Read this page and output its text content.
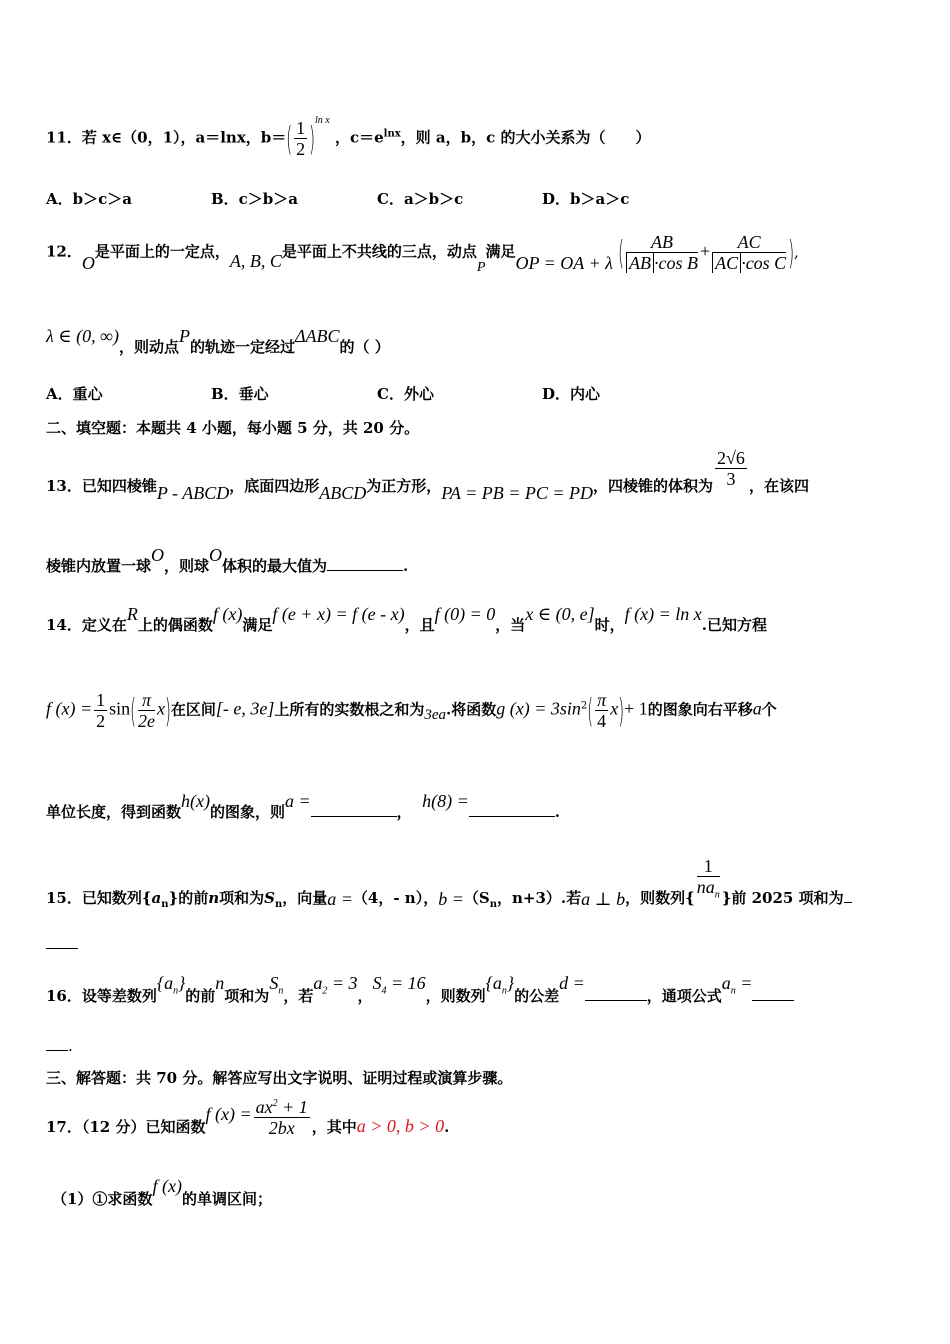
11．若 x∈（0，1），a＝lnx，$b=( \frac{1}{2} )^{ln x}$ ，$c=e^{lnx}$，则 a，b，c 的大小关系为（　　）
A．b＞c＞a	B．c＞b＞a	C．a＞b＞c	D．b＞a＞c
12．O是平面上的一定点，A, B, C是平面上不共线的三点，动点P满足OP = OA + λ ( $\frac{AB}{\text{AB ·cos B}} + \frac{AC}{\text{AC ·cos C}}$ ),
λ ∈ (0, ∞)，则动点P的轨迹一定经过ΔABC的（ ）
A．重心	B．垂心	C．外心	D．内心
二、填空题：本题共 4 小题，每小题 5 分，共 20 分。
13．已知四棱锥P - ABCD，底面四边形ABCD为正方形，PA = PB = PC = PD，四棱锥的体积为 $\frac{2√6}{3}$ ，在该四
棱锥内放置一球O，则球O体积的最大值为	.
14．定义在R上的偶函数f (x)满足f (e + x) = f (e - x)，且f (0) = 0，当x ∈ (0, e]时，f (x) = ln x.已知方程
f $(x) = \frac{1}{2} \sin( \frac{\pi}{2e} x)$在区间[- e, 3e]上所有的实数根之和为3ea.将函数g $(x) = 3\sin^2( \frac{\pi}{4} x)+ 1$的图象向右平移a个
单位长度，得到函数h(x)的图象，则a =，  h(8) =.
15．已知数列$\{a_n\}$的前n项和为$S_n$，向量a =（4，- n），$b =(S_n$，n+3）.若a ⊥ b，则数列{ $\frac{1}{na_n}$ }前 2025 项和为
16．设等差数列$\{a_n\}$的前n项和为$S_n$，若$a_2 = 3$，$S_4 = 16$，则数列$\{a_n\}$的公差d =，通项公式$a_n$ =
.
三、解答题：共 70 分。解答应写出文字说明、证明过程或演算步骤。
17．（12 分）已知函数f $(x) = \frac{ax^2 + 1}{2bx}$ ，其中a > 0, b > 0.
（1）①求函数f (x)的单调区间；
